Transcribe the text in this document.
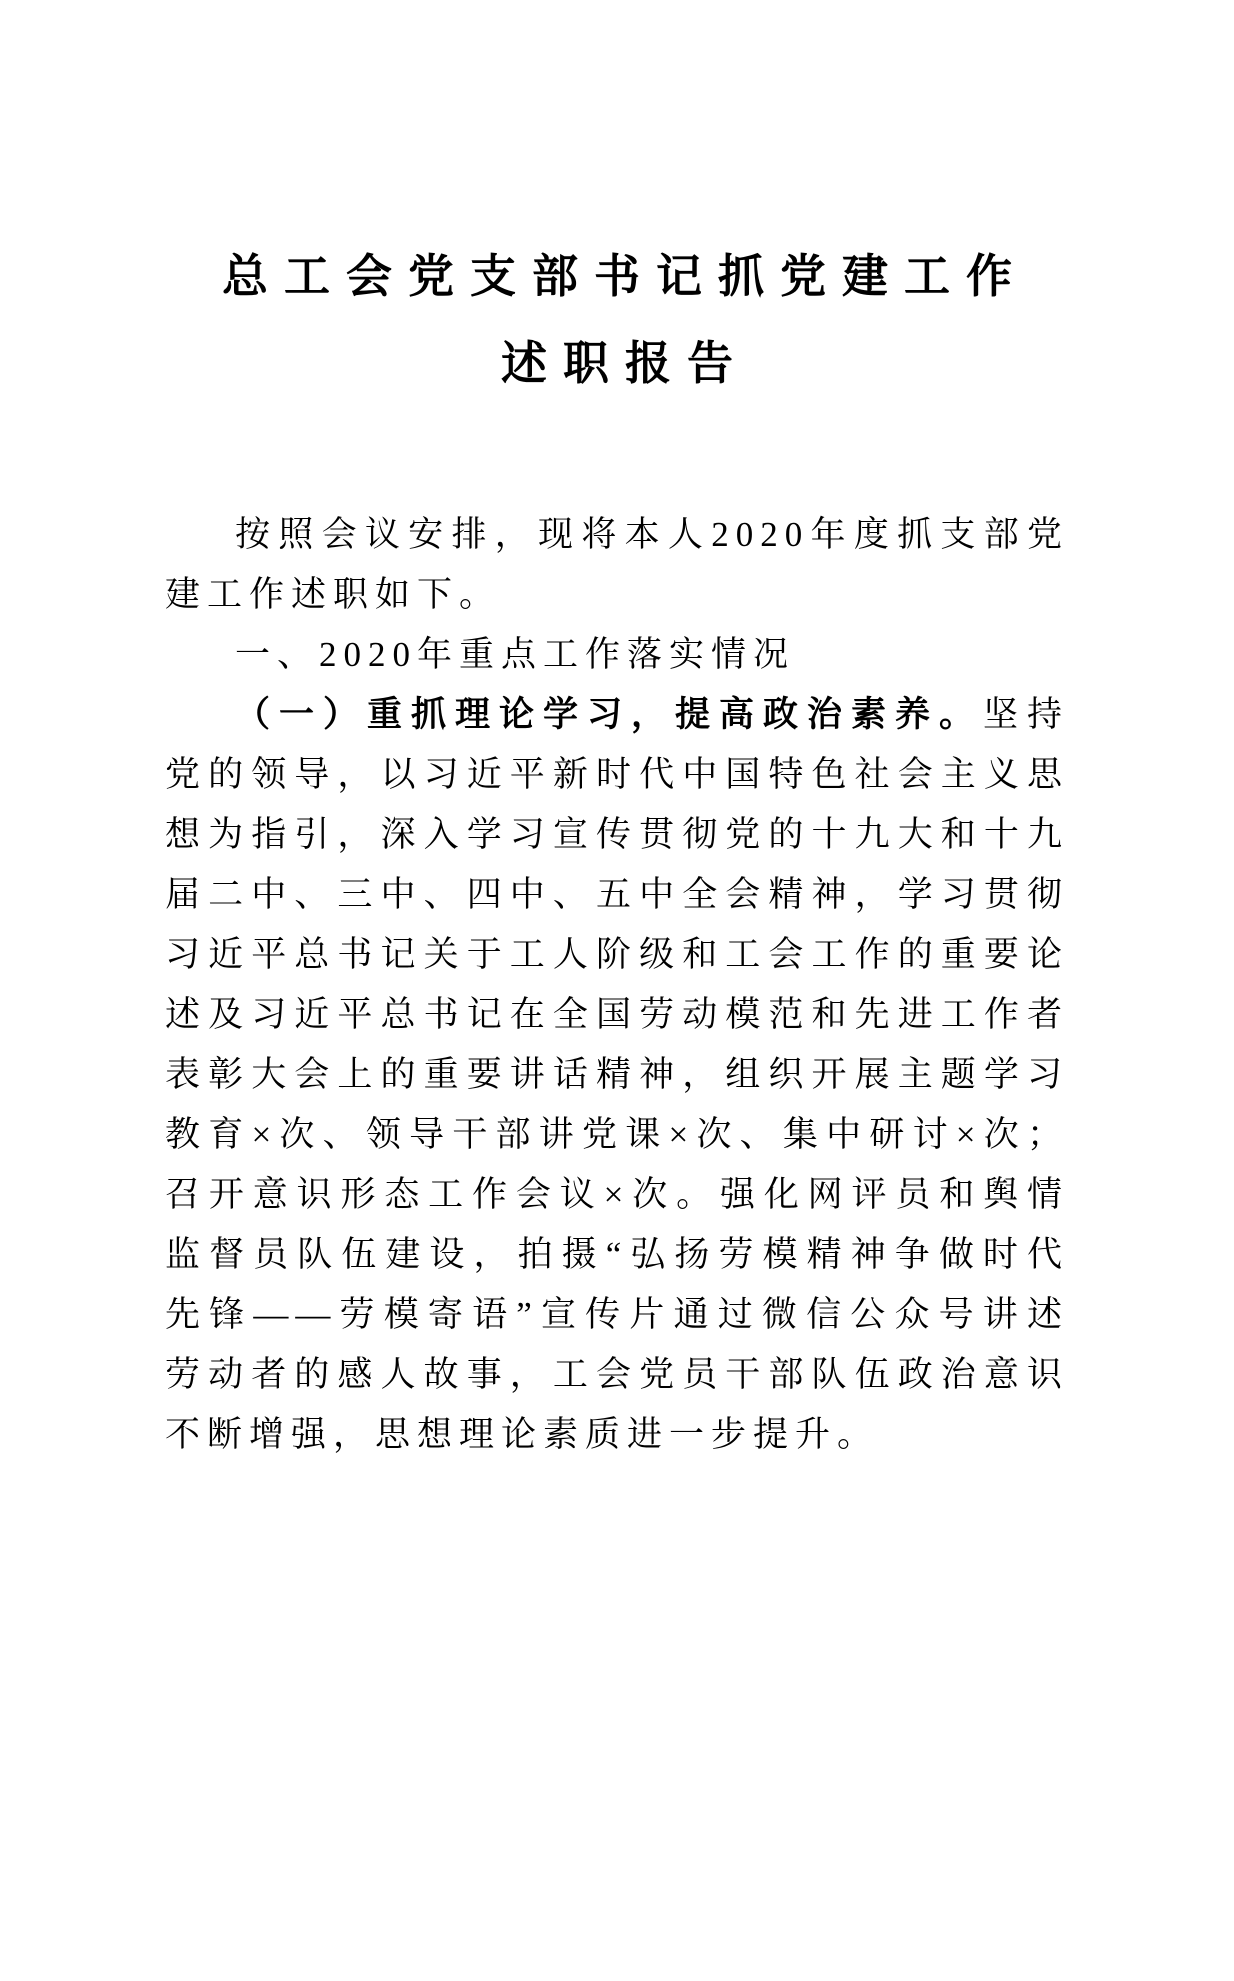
总工会党支部书记抓党建工作
述职报告

按照会议安排，现将本人2020年度抓支部党建工作述职如下。

一、2020年重点工作落实情况

（一）重抓理论学习，提高政治素养。坚持党的领导，以习近平新时代中国特色社会主义思想为指引，深入学习宣传贯彻党的十九大和十九届二中、三中、四中、五中全会精神，学习贯彻习近平总书记关于工人阶级和工会工作的重要论述及习近平总书记在全国劳动模范和先进工作者表彰大会上的重要讲话精神，组织开展主题学习教育×次、领导干部讲党课×次、集中研讨×次；召开意识形态工作会议×次。强化网评员和舆情监督员队伍建设，拍摄“弘扬劳模精神争做时代先锋——劳模寄语”宣传片通过微信公众号讲述劳动者的感人故事，工会党员干部队伍政治意识不断增强，思想理论素质进一步提升。
